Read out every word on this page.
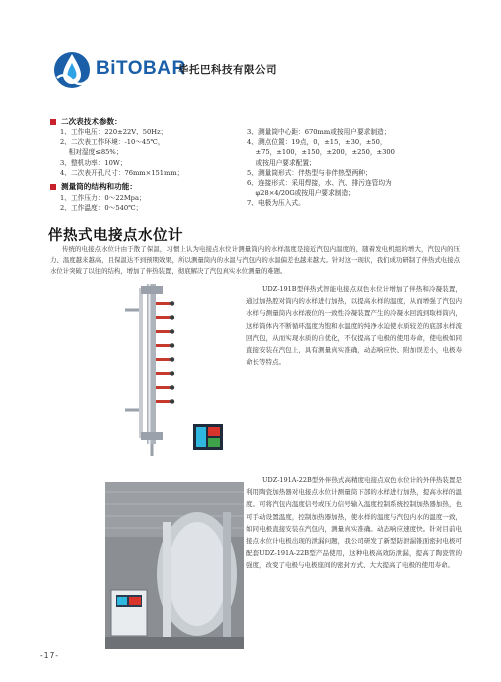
BiTOBAR
毕托巴科技有限公司
二次表技术参数：
1、工作电压：220±22V、50Hz；
2、二次表工作环境：-10～45℃，
相对湿度≤85%；
3、整机功率：10W；
4、二次表开孔尺寸：76mm×151mm；
测量筒的结构和功能：
1、工作压力：0～22Mpa；
2、工作温度：0～540℃；
3、测量筒中心距：670mm或按用户要求制造；
4、测点位置：19点，0，±15，±30，±50，
±75，±100，±150，±200，±250，±300
或按用户要求配置；
5、测量筒形式：伴热型与非伴热型两种；
6、连接形式：采用焊接，水、汽、排污连管均为
φ28×4/20G或按用户要求制造；
7、电极为压入式。
伴热式电接点水位计
传统的电接点水位计由于散了保温，习惯上认为电接点水位计测量筒内的水样温度是接近汽包内温度的，随着发电机组的增大，汽包内的压力、温度越来越高，且保温达不到预期效果，所以测量筒内的水温与汽包内的水温偏差也越来越大。针对这一现状，我们成功研制了伴热式电接点水位计突破了以往的结构，增加了伴热装置，彻底解决了汽包真实水位测量的难题。
UDZ-191B型伴热式智能电接点双色水位计增加了伴热和冷凝装置，通过加热腔对筒内的水样进行加热，以提高水样的温度，从而增强了汽包内水样与测量筒内水样液位的一致性冷凝装置产生的冷凝水回流到取样筒内，这样筒体内不断循环温度为饱和水温度的纯净水迫使水质较差的底部水样流回汽包，从而实现水质的自优化，不仅提高了电极的使用寿命，使电极如同直接安装在汽包上，具有测量真实准确，动态响应快、附加误差小，电极寿命长等特点。
UDZ-191A-22B型外伴热式高精度电接点双色水位计的外伴热装置是利用陶瓷加热器对电接点水位计测量筒下部的水样进行加热，提高水样的温度。可将汽包内温度信号或压力信号输入温度控制系统控制加热器加热，也可手动设置温度，控制加热器加热，使水样的温度与汽包内水的温度一致，如同电极直接安装在汽包内，测量真实准确。动态响应速度快。针对目前电接点水位计电极出现的泄漏问题，我公司研发了新型防泄漏锥面密封电极可配套UDZ-191A-22B型产品使用，这种电极高效防泄漏，提高了陶瓷管的强度，改变了电极与电极座间的密封方式、大大提高了电极的使用寿命。
-17-
